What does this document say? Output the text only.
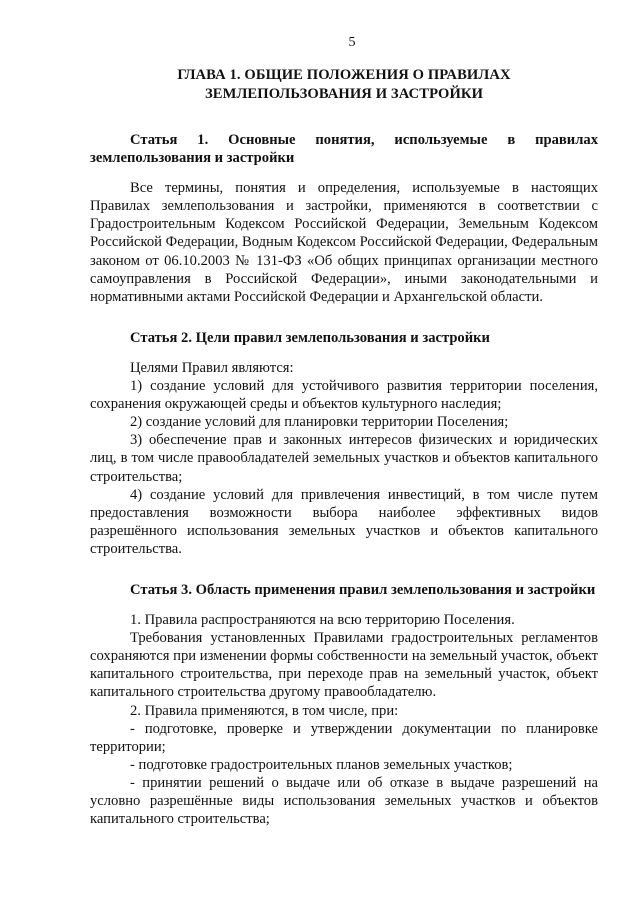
5
ГЛАВА 1. ОБЩИЕ ПОЛОЖЕНИЯ О ПРАВИЛАХ
ЗЕМЛЕПОЛЬЗОВАНИЯ И ЗАСТРОЙКИ

Статья 1. Основные понятия, используемые в правилах землепользования и застройки

Все термины, понятия и определения, используемые в настоящих Правилах землепользования и застройки, применяются в соответствии с Градостроительным Кодексом Российской Федерации, Земельным Кодексом Российской Федерации, Водным Кодексом Российской Федерации, Федеральным законом от 06.10.2003 № 131-ФЗ «Об общих принципах организации местного самоуправления в Российской Федерации», иными законодательными и нормативными актами Российской Федерации и Архангельской области.

Статья 2. Цели правил землепользования и застройки

Целями Правил являются:

1) создание условий для устойчивого развития территории поселения, сохранения окружающей среды и объектов культурного наследия;

2) создание условий для планировки территории Поселения;

3) обеспечение прав и законных интересов физических и юридических лиц, в том числе правообладателей земельных участков и объектов капитального строительства;

4) создание условий для привлечения инвестиций, в том числе путем предоставления возможности выбора наиболее эффективных видов разрешённого использования земельных участков и объектов капитального строительства.

Статья 3. Область применения правил землепользования и застройки

1. Правила распространяются на всю территорию Поселения.

Требования установленных Правилами градостроительных регламентов сохраняются при изменении формы собственности на земельный участок, объект капитального строительства, при переходе прав на земельный участок, объект капитального строительства другому правообладателю.

2. Правила применяются, в том числе, при:

- подготовке, проверке и утверждении документации по планировке территории;

- подготовке градостроительных планов земельных участков;

- принятии решений о выдаче или об отказе в выдаче разрешений на условно разрешённые виды использования земельных участков и объектов капитального строительства;
